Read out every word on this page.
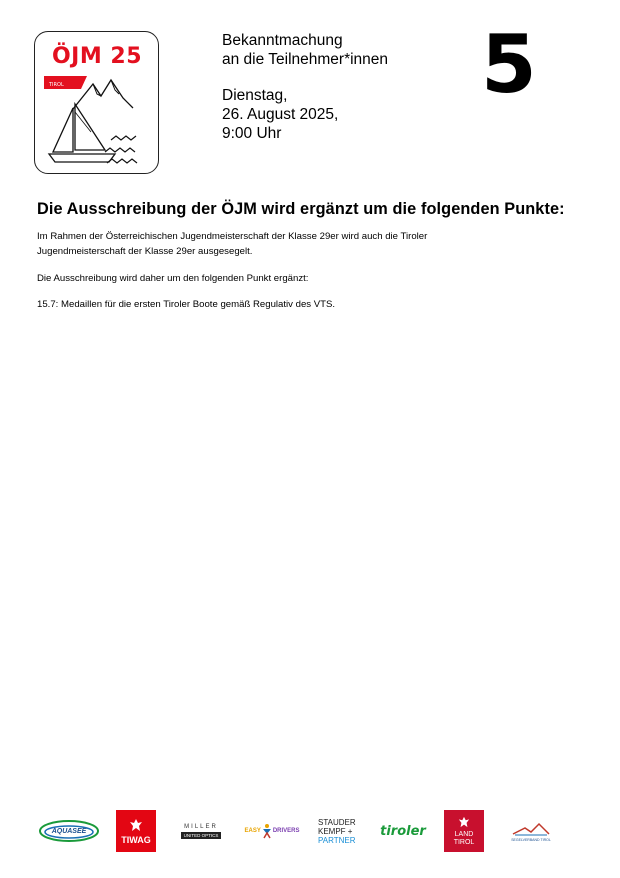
TIROL
ÖJM 25
Bekanntmachung
an die Teilnehmer*innen
Dienstag,
26. August 2025,
9:00 Uhr
5
Die Ausschreibung der ÖJM wird ergänzt um die folgenden Punkte:
Im Rahmen der Österreichischen Jugendmeisterschaft der Klasse 29er wird auch die Tiroler Jugendmeisterschaft der Klasse 29er ausgesegelt.
Die Ausschreibung wird daher um den folgenden Punkt ergänzt:
15.7: Medaillen für die ersten Tiroler Boote gemäß Regulativ des VTS.
AQUASEE
TIWAG
MILLER
UNITED OPTICS
EASY DRIVERS
STAUDER
KEMPF +
PARTNER
tiroler	LAND
TIROL	SEGELVERBAND TIROL
